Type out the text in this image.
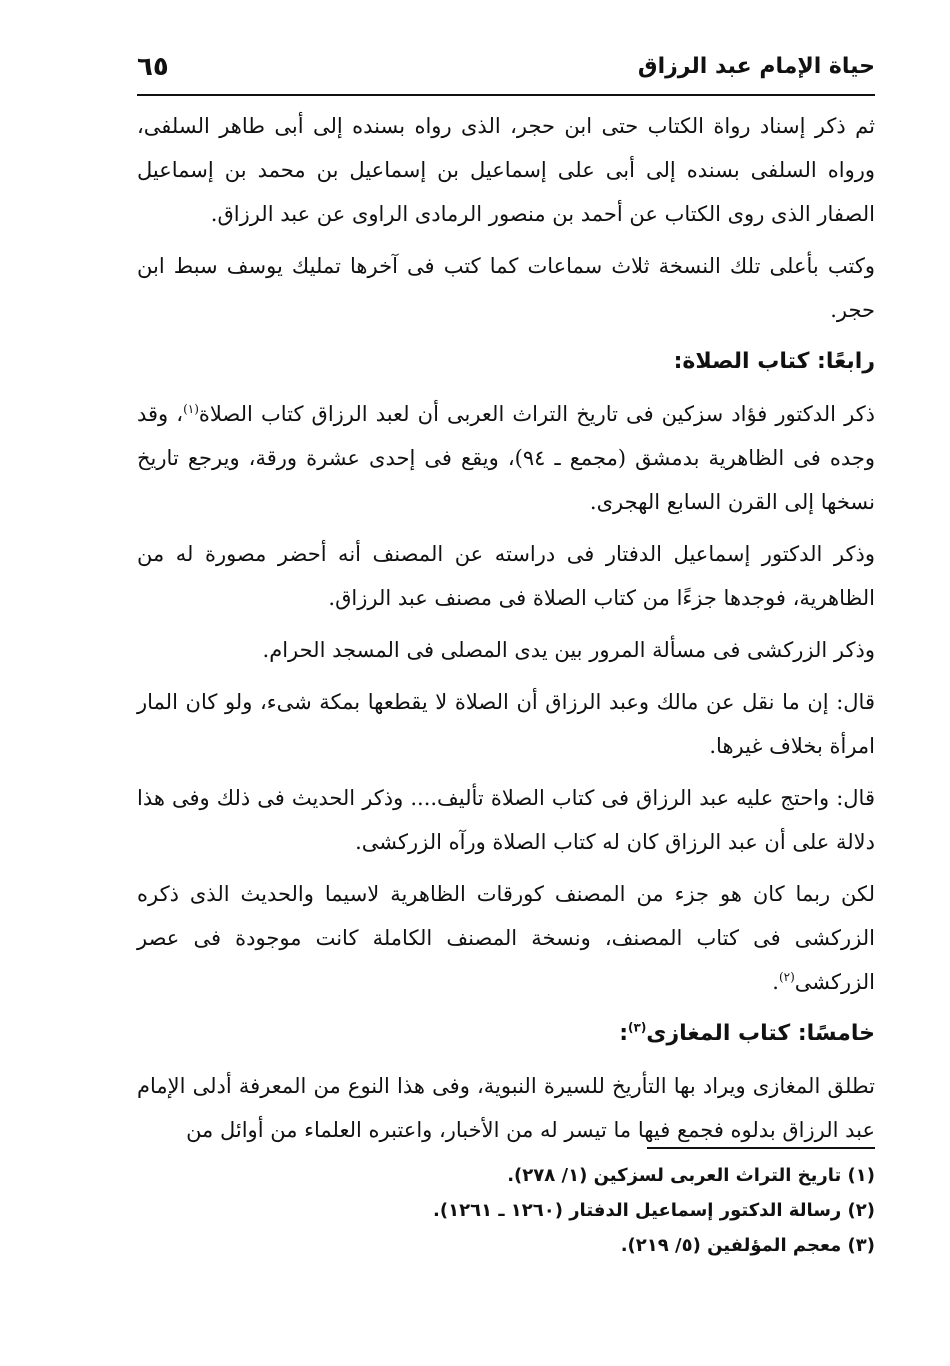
حياة الإمام عبد الرزاق
٦٥

ثم ذكر إسناد رواة الكتاب حتى ابن حجر، الذى رواه بسنده إلى أبى طاهر السلفى، ورواه السلفى بسنده إلى أبى على إسماعيل بن إسماعيل بن محمد بن إسماعيل الصفار الذى روى الكتاب عن أحمد بن منصور الرمادى الراوى عن عبد الرزاق.

وكتب بأعلى تلك النسخة ثلاث سماعات كما كتب فى آخرها تمليك يوسف سبط ابن حجر.

رابعًا: كتاب الصلاة:

ذكر الدكتور فؤاد سزكين فى تاريخ التراث العربى أن لعبد الرزاق كتاب الصلاة$^{(١)}$، وقد وجده فى الظاهرية بدمشق (مجمع ـ ٩٤)، ويقع فى إحدى عشرة ورقة، ويرجع تاريخ نسخها إلى القرن السابع الهجرى.

وذكر الدكتور إسماعيل الدفتار فى دراسته عن المصنف أنه أحضر مصورة له من الظاهرية، فوجدها جزءًا من كتاب الصلاة فى مصنف عبد الرزاق.

وذكر الزركشى فى مسألة المرور بين يدى المصلى فى المسجد الحرام.

قال: إن ما نقل عن مالك وعبد الرزاق أن الصلاة لا يقطعها بمكة شىء، ولو كان المار امرأة بخلاف غيرها.

قال: واحتج عليه عبد الرزاق فى كتاب الصلاة تأليف.... وذكر الحديث فى ذلك وفى هذا دلالة على أن عبد الرزاق كان له كتاب الصلاة ورآه الزركشى.

لكن ربما كان هو جزء من المصنف كورقات الظاهرية لاسيما والحديث الذى ذكره الزركشى فى كتاب المصنف، ونسخة المصنف الكاملة كانت موجودة فى عصر الزركشى$^{(٢)}$.

خامسًا: كتاب المغازى$^{(٣)}$:

تطلق المغازى ويراد بها التأريخ للسيرة النبوية، وفى هذا النوع من المعرفة أدلى الإمام عبد الرزاق بدلوه فجمع فيها ما تيسر له من الأخبار، واعتبره العلماء من أوائل من

(١) تاريخ التراث العربى لسزكين (١/ ٢٧٨).
(٢) رسالة الدكتور إسماعيل الدفتار (١٢٦٠ ـ ١٢٦١).
(٣) معجم المؤلفين (٥/ ٢١٩).
